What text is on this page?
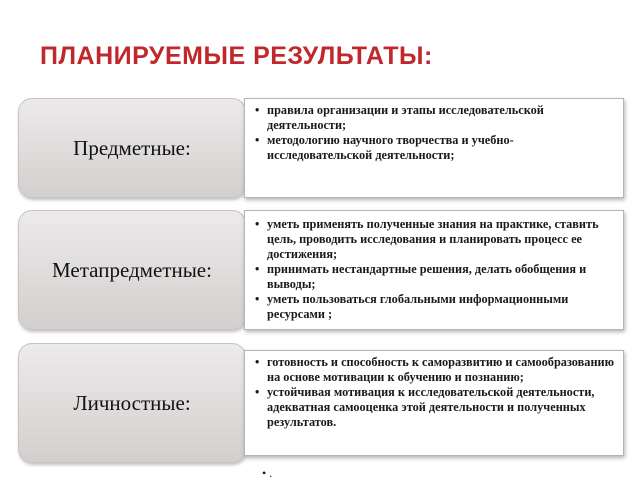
ПЛАНИРУЕМЫЕ РЕЗУЛЬТАТЫ:
Предметные:
• правила организации и этапы исследовательской деятельности;
• методологию научного творчества и учебно-исследовательской деятельности;
Метапредметные:
• уметь применять полученные знания на практике, ставить цель, проводить исследования и планировать процесс ее достижения;
• принимать нестандартные решения, делать обобщения и выводы;
• уметь пользоваться глобальными информационными ресурсами ;
Личностные:
• готовность и способность к саморазвитию и самообразованию на основе мотивации к обучению и познанию;
• устойчивая мотивация к исследовательской деятельности, адекватная самооценка этой деятельности и полученных результатов.
• .
